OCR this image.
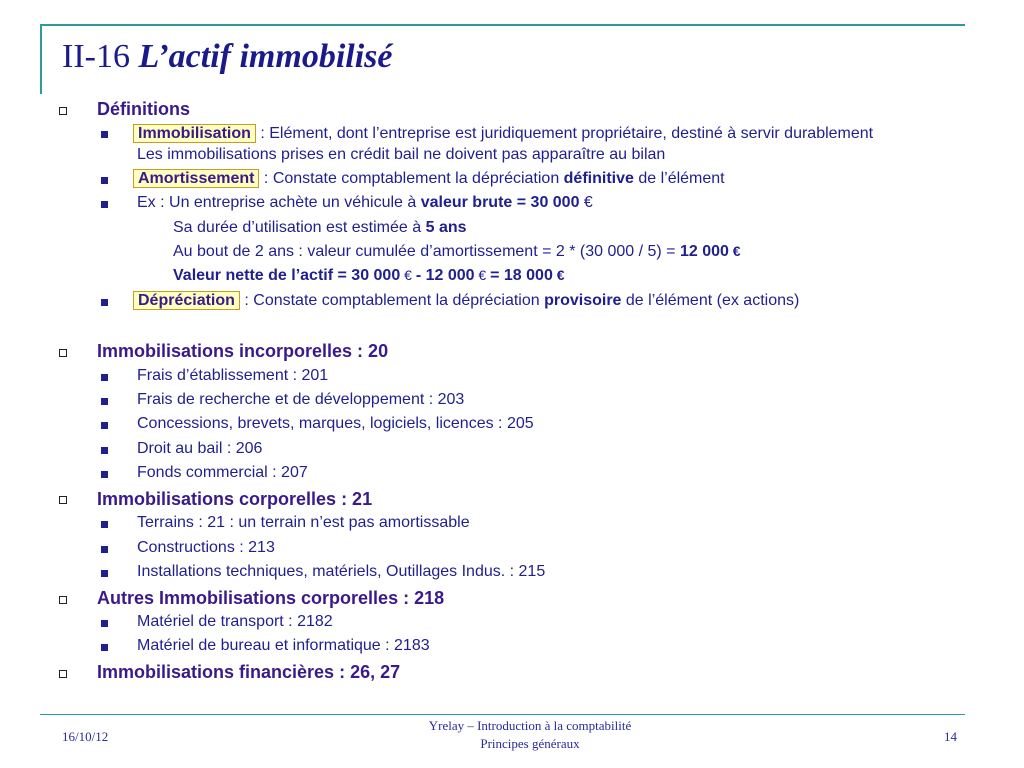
II-16 L’actif immobilisé
Définitions
Immobilisation : Elément, dont l’entreprise est juridiquement propriétaire, destiné à servir durablement
Les immobilisations prises en crédit bail ne doivent pas apparaître au bilan
Amortissement : Constate comptablement la dépréciation définitive de l’élément
Ex : Un entreprise achète un véhicule à valeur brute = 30 000 €
Sa durée d’utilisation est estimée à 5 ans
Au bout de 2 ans : valeur cumulée d’amortissement = 2 * (30 000 / 5) = 12 000 €
Valeur nette de l’actif = 30 000 € - 12 000 € = 18 000 €
Dépréciation : Constate comptablement la dépréciation provisoire de l’élément (ex actions)
Immobilisations incorporelles : 20
Frais d’établissement : 201
Frais de recherche et de développement : 203
Concessions, brevets, marques, logiciels, licences : 205
Droit au bail : 206
Fonds commercial : 207
Immobilisations corporelles : 21
Terrains : 21 : un terrain n’est pas amortissable
Constructions : 213
Installations techniques, matériels, Outillages Indus. : 215
Autres Immobilisations corporelles : 218
Matériel de transport : 2182
Matériel de bureau et informatique : 2183
Immobilisations financières : 26, 27
16/10/12
Yrelay – Introduction à la comptabilité
Principes généraux	14
